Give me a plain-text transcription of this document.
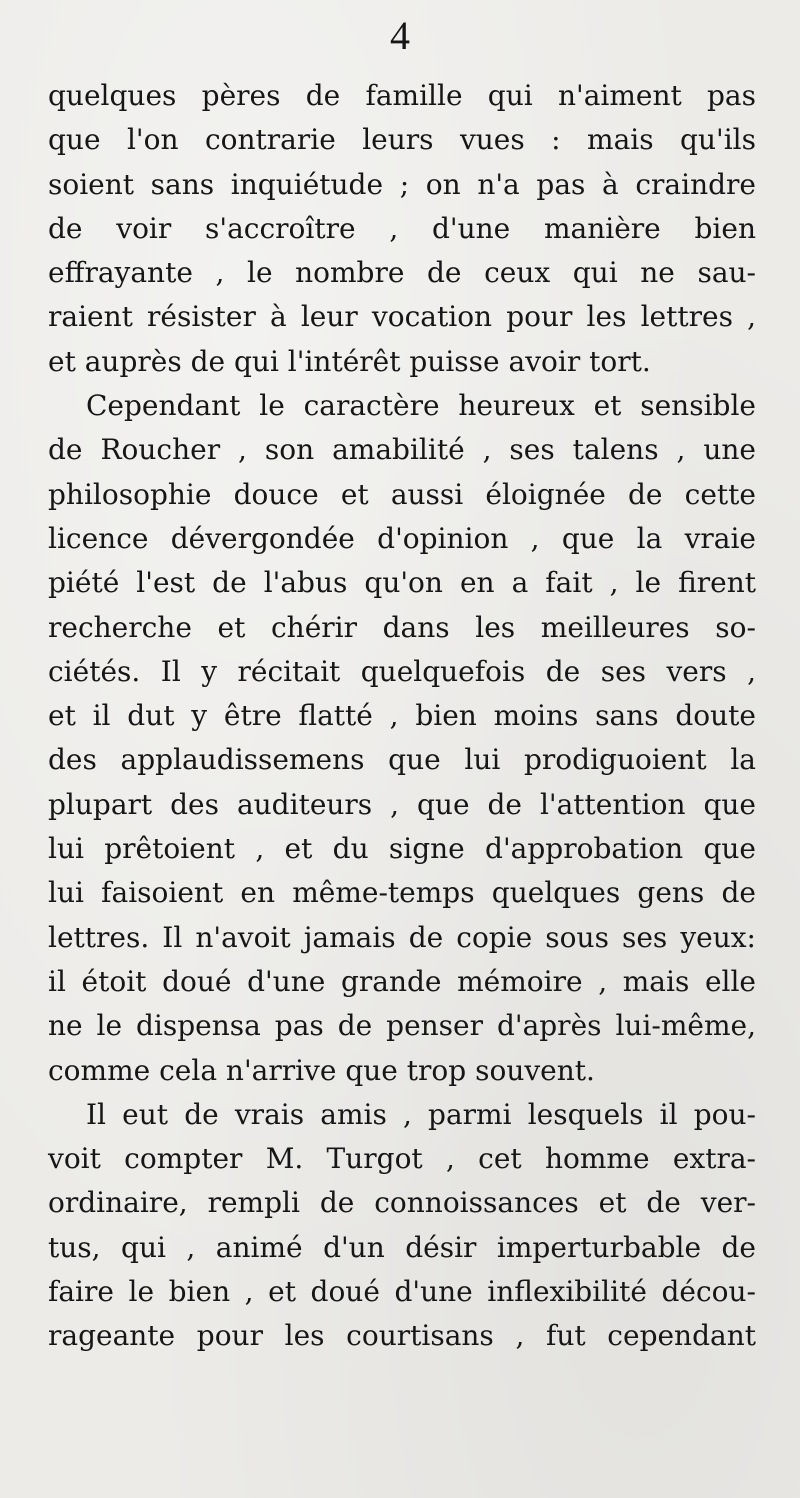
4
quelques pères de famille qui n'aiment pas
que l'on contrarie leurs vues : mais qu'ils
soient sans inquiétude ; on n'a pas à craindre
de voir s'accroître , d'une manière bien
effrayante , le nombre de ceux qui ne sau-
raient résister à leur vocation pour les lettres ,
et auprès de qui l'intérêt puisse avoir tort.
Cependant le caractère heureux et sensible
de Roucher , son amabilité , ses talens , une
philosophie douce et aussi éloignée de cette
licence dévergondée d'opinion , que la vraie
piété l'est de l'abus qu'on en a fait , le firent
recherche et chérir dans les meilleures so-
ciétés. Il y récitait quelquefois de ses vers ,
et il dut y être flatté , bien moins sans doute
des applaudissemens que lui prodiguoient la
plupart des auditeurs , que de l'attention que
lui prêtoient , et du signe d'approbation que
lui faisoient en même-temps quelques gens de
lettres. Il n'avoit jamais de copie sous ses yeux:
il étoit doué d'une grande mémoire , mais elle
ne le dispensa pas de penser d'après lui-même,
comme cela n'arrive que trop souvent.
Il eut de vrais amis , parmi lesquels il pou-
voit compter M. Turgot , cet homme extra-
ordinaire, rempli de connoissances et de ver-
tus, qui , animé d'un désir imperturbable de
faire le bien , et doué d'une inflexibilité décou-
rageante pour les courtisans , fut cependant
